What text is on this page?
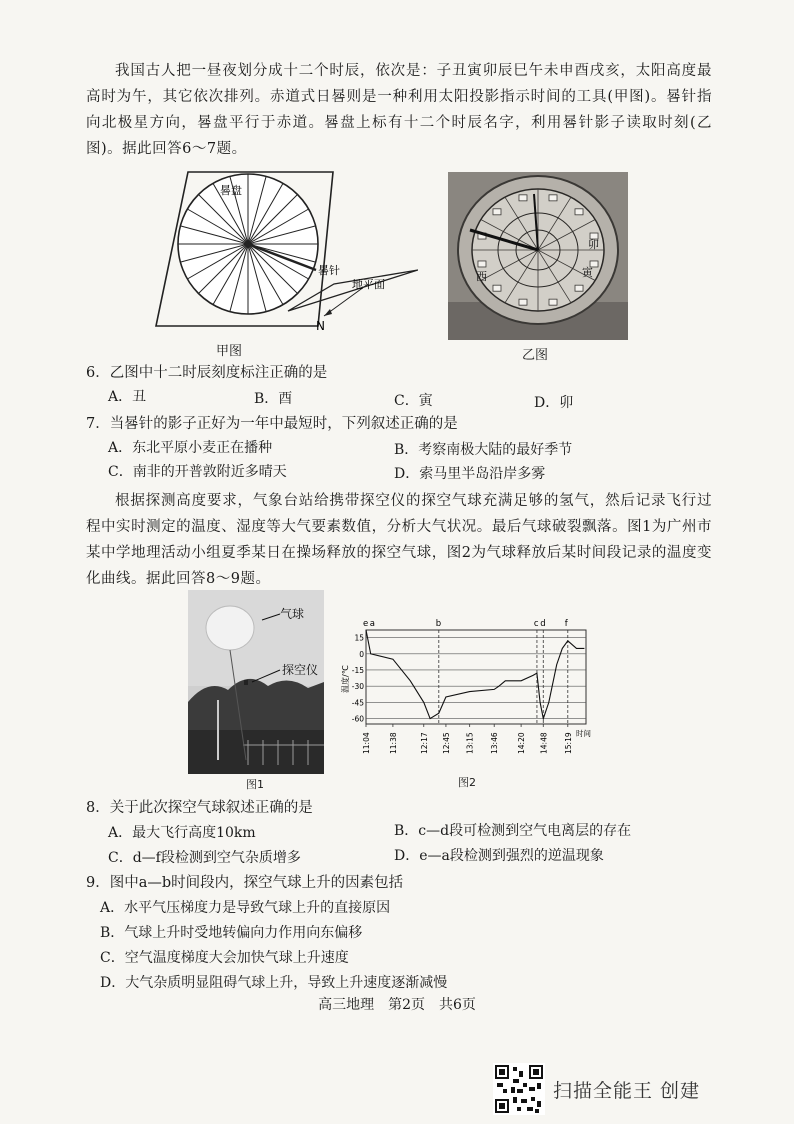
我国古人把一昼夜划分成十二个时辰，依次是：子丑寅卯辰巳午未申酉戌亥，太阳高度最高时为午，其它依次排列。赤道式日晷则是一种利用太阳投影指示时间的工具(甲图)。晷针指向北极星方向，晷盘平行于赤道。晷盘上标有十二个时辰名字，利用晷针影子读取时刻(乙图)。据此回答6～7题。
晷盘
晷针
地平面
N
甲图
卯
西	寅
乙图
6．乙图中十二时辰刻度标注正确的是
A．丑	B．酉	C．寅	D．卯
7．当晷针的影子正好为一年中最短时，下列叙述正确的是
A．东北平原小麦正在播种	B．考察南极大陆的最好季节
C．南非的开普敦附近多晴天	D．索马里半岛沿岸多雾
根据探测高度要求，气象台站给携带探空仪的探空气球充满足够的氢气，然后记录飞行过程中实时测定的温度、湿度等大气要素数值，分析大气状况。最后气球破裂飘落。图1为广州市某中学地理活动小组夏季某日在操场释放的探空气球，图2为气球释放后某时间段记录的温度变化曲线。据此回答8～9题。
气球
探空仪
图1
15
0
-15
-30
-45
-60
11:04 11:38	12:17 12:45 13:15 13:46 14:20 14:48 15:19 时间
温度/℃
e a	b	c d f
图2
8．关于此次探空气球叙述正确的是
A．最大飞行高度10km	B．c—d段可检测到空气电离层的存在
C．d—f段检测到空气杂质增多	D．e—a段检测到强烈的逆温现象
9．图中a—b时间段内，探空气球上升的因素包括
A．水平气压梯度力是导致气球上升的直接原因
B．气球上升时受地转偏向力作用向东偏移
C．空气温度梯度大会加快气球上升速度
D．大气杂质明显阻碍气球上升，导致上升速度逐渐减慢
高三地理　第2页　共6页
扫描全能王 创建
